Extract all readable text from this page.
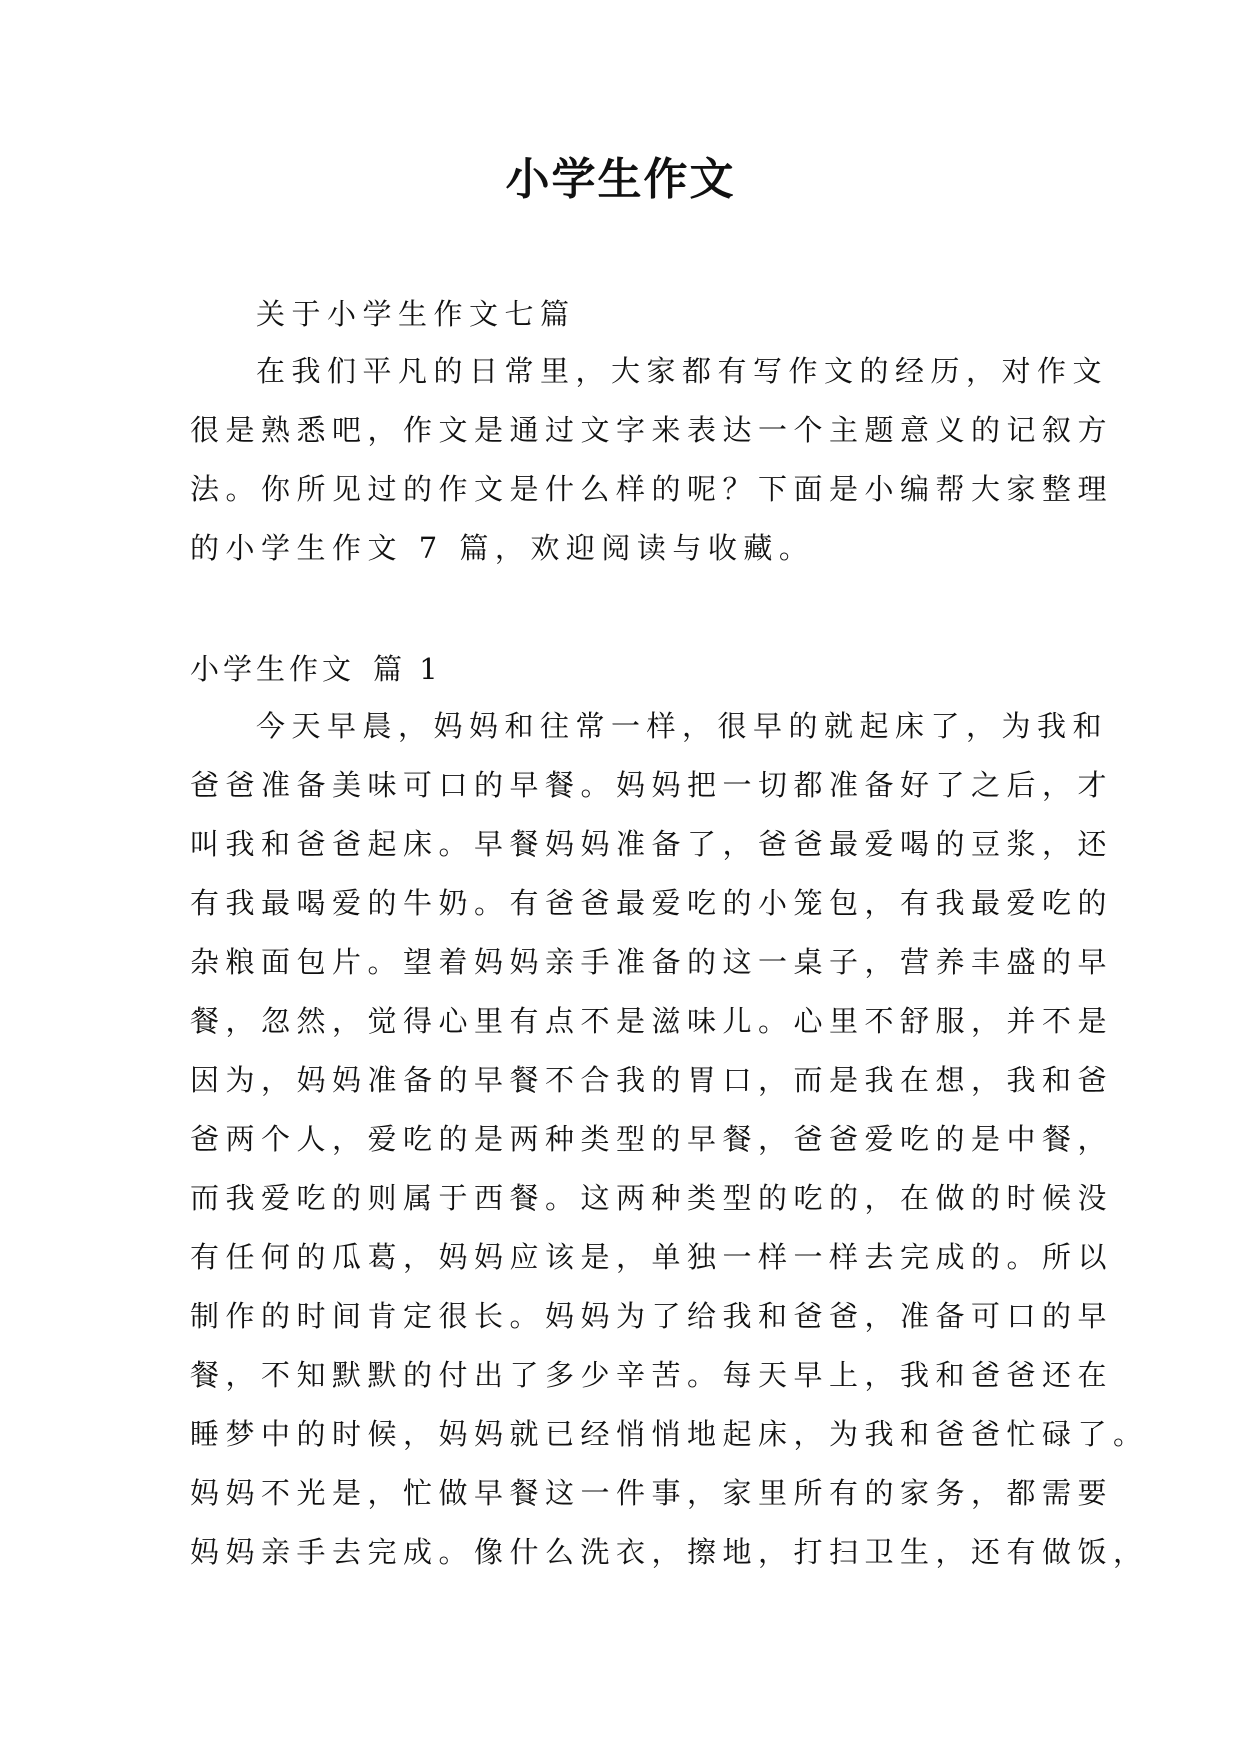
小学生作文
关于小学生作文七篇
在我们平凡的日常里，大家都有写作文的经历，对作文
很是熟悉吧，作文是通过文字来表达一个主题意义的记叙方
法。你所见过的作文是什么样的呢？下面是小编帮大家整理
的小学生作文 7 篇，欢迎阅读与收藏。
小学生作文 篇 1
今天早晨，妈妈和往常一样，很早的就起床了，为我和
爸爸准备美味可口的早餐。妈妈把一切都准备好了之后，才
叫我和爸爸起床。早餐妈妈准备了，爸爸最爱喝的豆浆，还
有我最喝爱的牛奶。有爸爸最爱吃的小笼包，有我最爱吃的
杂粮面包片。望着妈妈亲手准备的这一桌子，营养丰盛的早
餐，忽然，觉得心里有点不是滋味儿。心里不舒服，并不是
因为，妈妈准备的早餐不合我的胃口，而是我在想，我和爸
爸两个人，爱吃的是两种类型的早餐，爸爸爱吃的是中餐，
而我爱吃的则属于西餐。这两种类型的吃的，在做的时候没
有任何的瓜葛，妈妈应该是，单独一样一样去完成的。所以
制作的时间肯定很长。妈妈为了给我和爸爸，准备可口的早
餐，不知默默的付出了多少辛苦。每天早上，我和爸爸还在
睡梦中的时候，妈妈就已经悄悄地起床，为我和爸爸忙碌了。
妈妈不光是，忙做早餐这一件事，家里所有的家务，都需要
妈妈亲手去完成。像什么洗衣，擦地，打扫卫生，还有做饭，
